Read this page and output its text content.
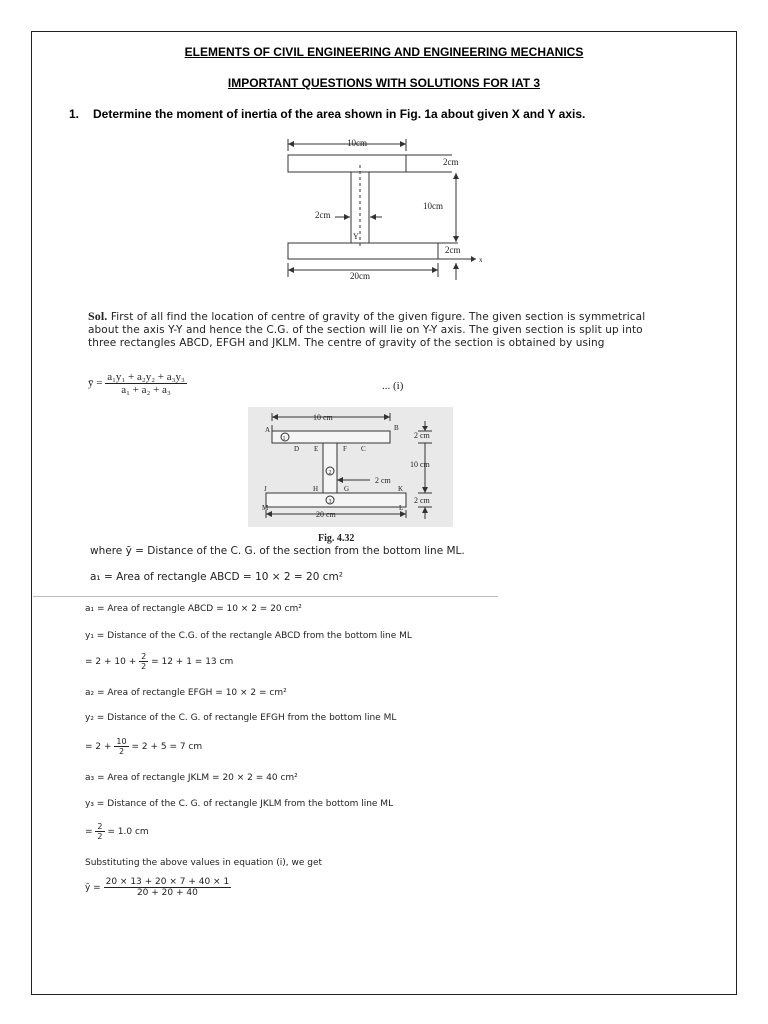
ELEMENTS OF CIVIL ENGINEERING AND ENGINEERING MECHANICS
IMPORTANT QUESTIONS WITH SOLUTIONS FOR IAT 3
1. Determine the moment of inertia of the area shown in Fig. 1a about given X and Y axis.
10cm
2cm
10cm
2cm
2cm
20cm
Y
x
Sol. First of all find the location of centre of gravity of the given figure. The given section is symmetrical about the axis Y-Y and hence the C.G. of the section will lie on Y-Y axis. The given section is split up into three rectangles ABCD, EFGH and JKLM. The centre of gravity of the section is obtained by using
ȳ = $\frac{\text{a₁y₁ + a₂y₂ + a₃y₃}}{\text{a₁ + a₂ + a₃}}$	... (i)
1
2
3
10 cm
20 cm
2 cm
10 cm
2 cm
2 cm
A	B
D E	F C
H	G
J	K
M	L
Fig. 4.32
where ȳ = Distance of the C. G. of the section from the bottom line ML.
a₁ = Area of rectangle ABCD = 10 × 2 = 20 cm²
a₁ = Area of rectangle ABCD = 10 × 2 = 20 cm²
y₁ = Distance of the C.G. of the rectangle ABCD from the bottom line ML
= $2 + 10 + \frac{2}{2} = 12 + 1 = 13$ cm
a₂ = Area of rectangle EFGH = 10 × 2 = cm²
y₂ = Distance of the C. G. of rectangle EFGH from the bottom line ML
= $2 + \frac{10}{2} = 2 + 5 = 7$ cm
a₃ = Area of rectangle JKLM = 20 × 2 = 40 cm²
y₃ = Distance of the C. G. of rectangle JKLM from the bottom line ML
= $\frac{2}{2} = 1.0$ cm
Substituting the above values in equation (i), we get
ȳ = $\frac{20 \times 13 + 20 \times 7 + 40 \times 1}{20 + 20 + 40}$
